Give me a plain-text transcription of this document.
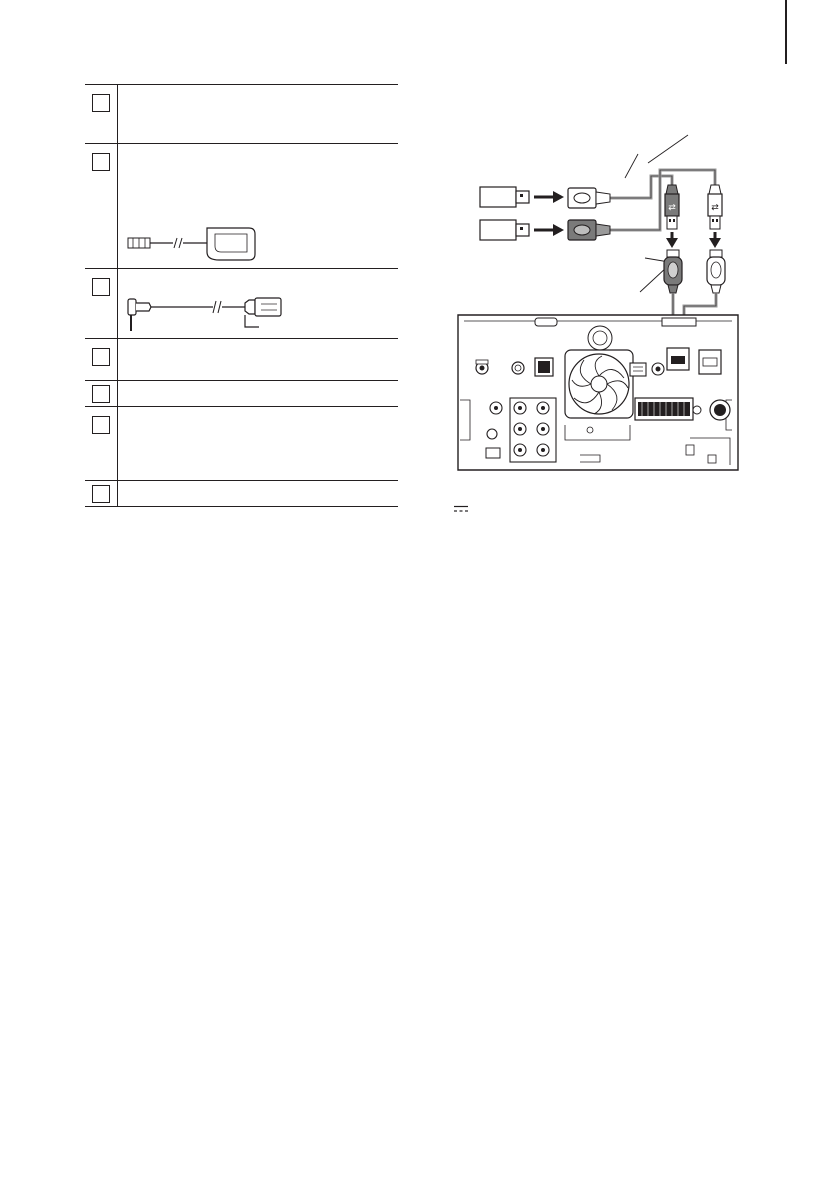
⇄	⇄
